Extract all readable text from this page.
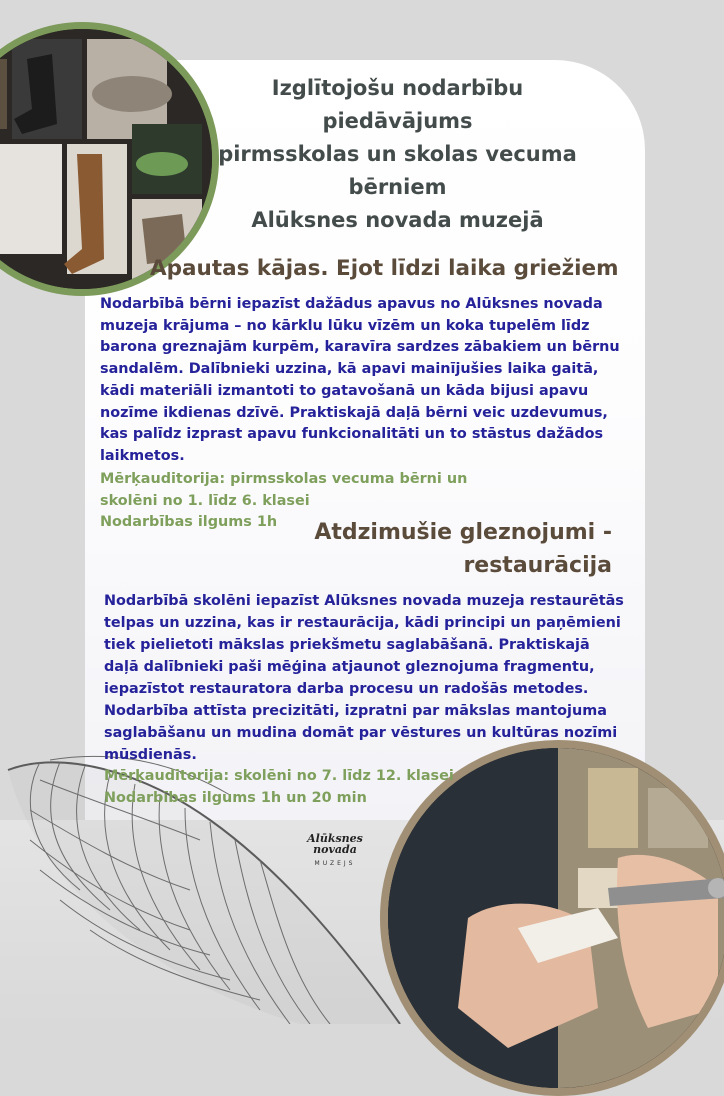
Izglītojošu nodarbību
piedāvājums
pirmsskolas un skolas vecuma
bērniem
Alūksnes novada muzejā
Apautas kājas. Ejot līdzi laika griežiem
Nodarbībā bērni iepazīst dažādus apavus no Alūksnes novada
muzeja krājuma – no kārklu lūku vīzēm un koka tupelēm līdz
barona greznajām kurpēm, karavīra sardzes zābakiem un bērnu
sandalēm. Dalībnieki uzzina, kā apavi mainījušies laika gaitā,
kādi materiāli izmantoti to gatavošanā un kāda bijusi apavu
nozīme ikdienas dzīvē. Praktiskajā daļā bērni veic uzdevumus,
kas palīdz izprast apavu funkcionalitāti un to stāstus dažādos
laikmetos.
Mērķauditorija: pirmsskolas vecuma bērni un
skolēni no 1. līdz 6. klasei
Nodarbības ilgums 1h	Atdzimušie gleznojumi -
restaurācija
Nodarbībā skolēni iepazīst Alūksnes novada muzeja restaurētās
telpas un uzzina, kas ir restaurācija, kādi principi un paņēmieni
tiek pielietoti mākslas priekšmetu saglabāšanā. Praktiskajā
daļā dalībnieki paši mēģina atjaunot gleznojuma fragmentu,
iepazīstot restauratora darba procesu un radošās metodes.
Nodarbība attīsta precizitāti, izpratni par mākslas mantojuma
saglabāšanu un mudina domāt par vēstures un kultūras nozīmi
mūsdienās.
Mērķauditorija: skolēni no 7. līdz 12. klasei
Nodarbības ilgums 1h un 20 min
Alūksnes
novada
MUZEJS
